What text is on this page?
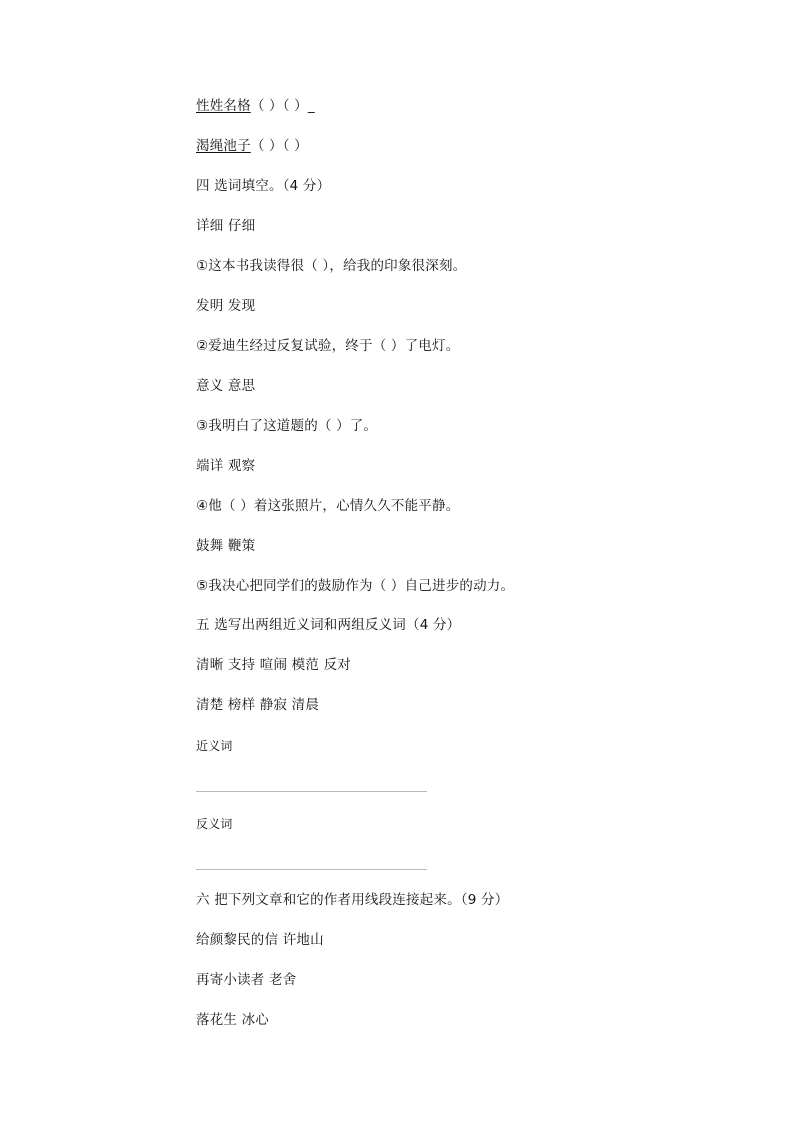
性姓名格（ ）（ ）_
渴绳池子（ ）（ ）
四 选词填空。（4 分）
详细 仔细
①这本书我读得很（ ），给我的印象很深刻。
发明 发现
②爱迪生经过反复试验，终于（ ）了电灯。
意义 意思
③我明白了这道题的（ ）了。
端详 观察
④他（ ）着这张照片，心情久久不能平静。
鼓舞 鞭策
⑤我决心把同学们的鼓励作为（ ）自己进步的动力。
五 选写出两组近义词和两组反义词（4 分）
清晰 支持 喧闹 模范 反对
清楚 榜样 静寂 清晨
近义词
反义词
六 把下列文章和它的作者用线段连接起来。（9 分）
给颜黎民的信 许地山
再寄小读者 老舍
落花生 冰心
